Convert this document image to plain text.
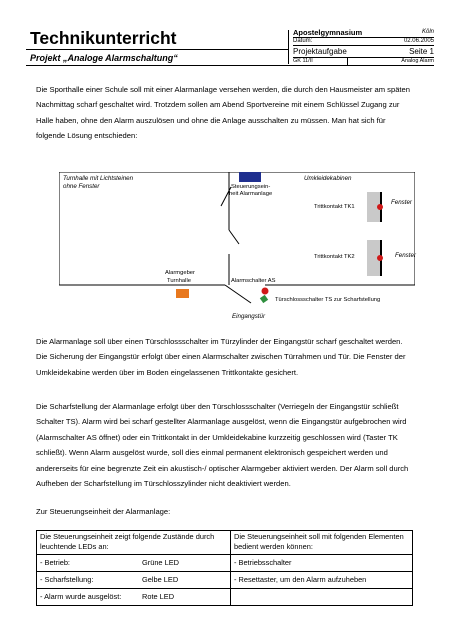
Technikunterricht
Projekt „Analoge Alarmschaltung“
Apostelgymnasium	Köln
Datum:	02.06.2005
Projektaufgabe	Seite 1
GK 11/II	Analog Alarm

Die Sporthalle einer Schule soll mit einer Alarmanlage versehen werden, die durch den Hausmeister am späten Nachmittag scharf geschaltet wird. Trotzdem sollen am Abend Sportvereine mit einem Schlüssel Zugang zur Halle haben, ohne den Alarm auszulösen und ohne die Anlage ausschalten zu müssen. Man hat sich für folgende Lösung entschieden:

Turnhalle mit Lichtsteinen
ohne Fenster	Steuerungsein-
heit Alarmanlage
Umkleidekabinen
Trittkontakt TK1
Trittkontakt TK2
Fenster
Fenster
Alarmgeber
Turnhalle	Alarmschalter AS
Türschlossschalter TS zur Scharfstellung
Eingangstür

Die Alarmanlage soll über einen Türschlossschalter im Türzylinder der Eingangstür scharf geschaltet werden. Die Sicherung der Eingangstür erfolgt über einen Alarmschalter zwischen Türrahmen und Tür. Die Fenster der Umkleidekabine werden über im Boden eingelassenen Trittkontakte gesichert.

Die Scharfstellung der Alarmanlage erfolgt über den Türschlossschalter (Verriegeln der Eingangstür schließt Schalter TS). Alarm wird bei scharf gestellter Alarmanlage ausgelöst, wenn die Eingangstür aufgebrochen wird (Alarmschalter AS öffnet) oder ein Trittkontakt in der Umkleidekabine kurzzeitig geschlossen wird (Taster TK schließt). Wenn Alarm ausgelöst wurde, soll dies einmal permanent elektronisch gespeichert werden und andererseits für eine begrenzte Zeit ein akustisch-/ optischer Alarmgeber aktiviert werden. Der Alarm soll durch Aufheben der Scharfstellung im Türschlosszylinder nicht deaktiviert werden.

Zur Steuerungseinheit der Alarmanlage:

Die Steuerungseinheit zeigt folgende Zustände durch leuchtende LEDs an:	Die Steuerungseinheit soll mit folgenden Elementen bedient werden können:
- Betrieb: Grüne LED	- Betriebsschalter
- Scharfstellung: Gelbe LED	- Resettaster, um den Alarm aufzuheben
- Alarm wurde ausgelöst: Rote LED	
